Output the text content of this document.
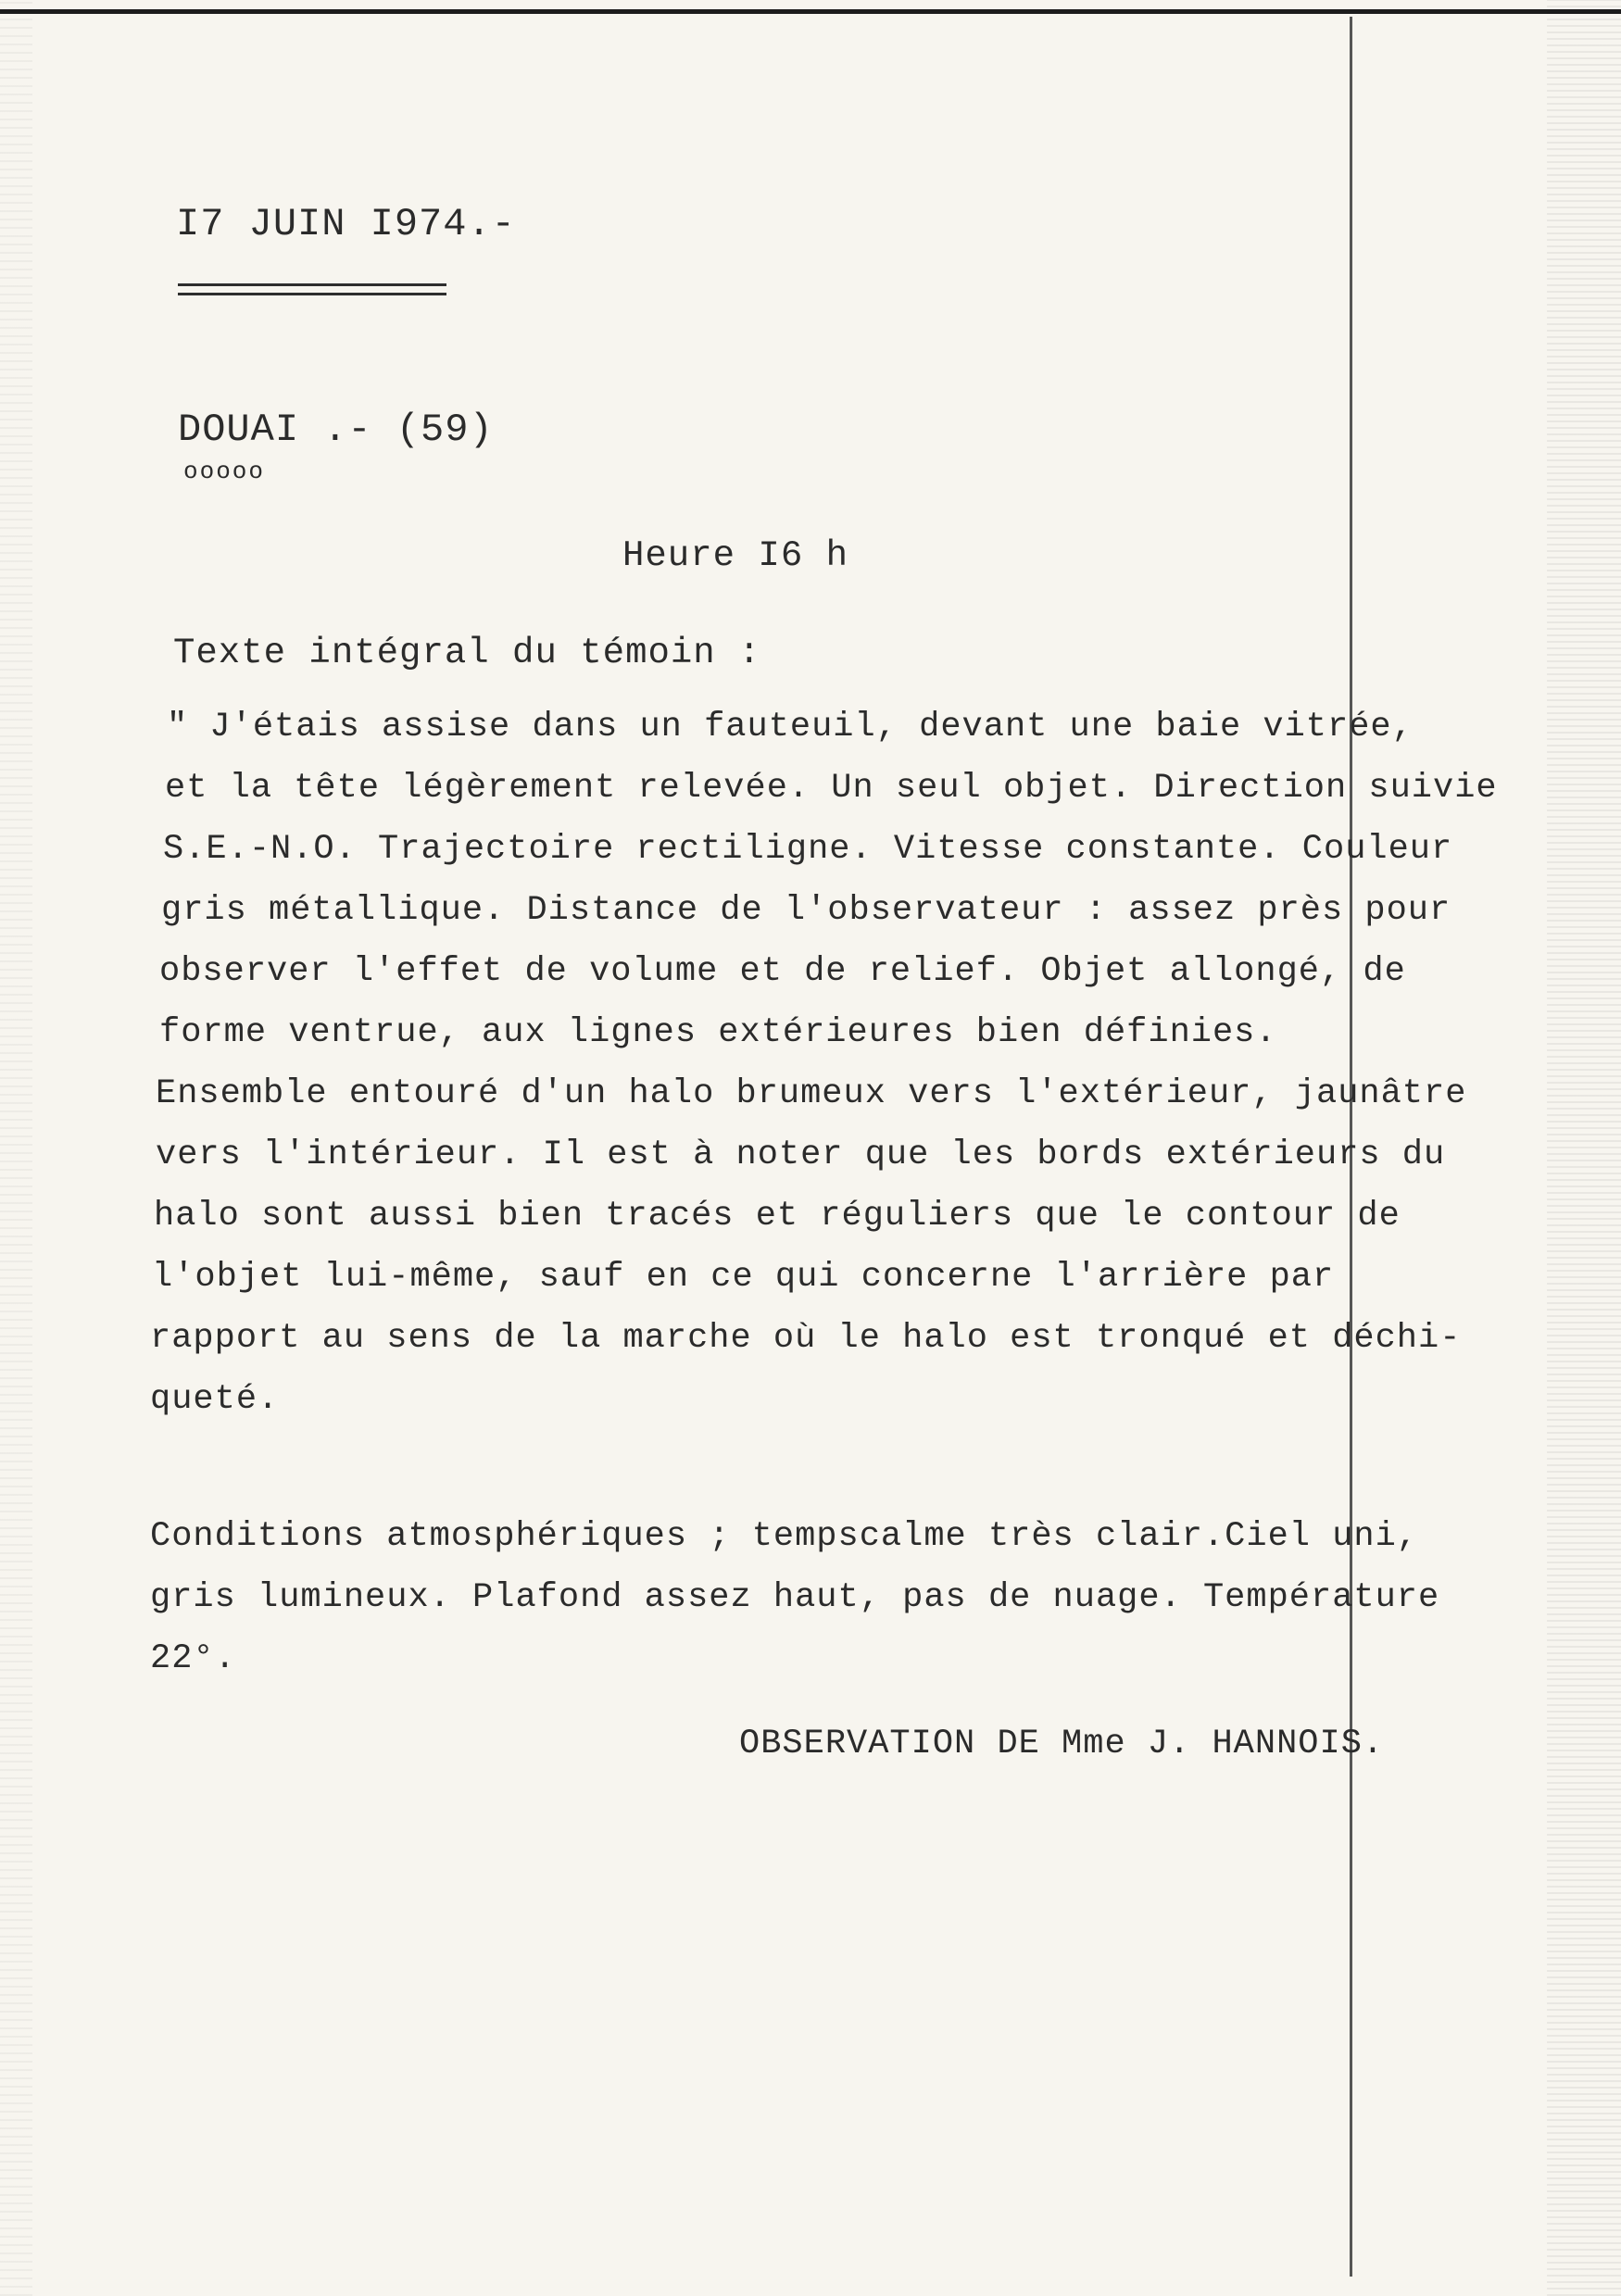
I7 JUIN I974.-
DOUAI .- (59)
ooooo
Heure I6 h
Texte intégral du témoin :
" J'étais assise dans un fauteuil, devant une baie vitrée,
et la tête légèrement relevée. Un seul objet. Direction suivie
S.E.-N.O. Trajectoire rectiligne. Vitesse constante. Couleur
gris métallique. Distance de l'observateur : assez près pour
observer l'effet de volume et de relief. Objet allongé, de
forme ventrue, aux lignes extérieures bien définies.
Ensemble entouré d'un halo brumeux vers l'extérieur, jaunâtre
vers l'intérieur. Il est à noter que les bords extérieurs du
halo sont aussi bien tracés et réguliers que le contour de
l'objet lui-même, sauf en ce qui concerne l'arrière par
rapport au sens de la marche où le halo est tronqué et déchi-
queté.
Conditions atmosphériques ; tempscalme très clair.Ciel uni,
gris lumineux. Plafond assez haut, pas de nuage. Température
22°.
OBSERVATION DE Mme J. HANNOIS.
